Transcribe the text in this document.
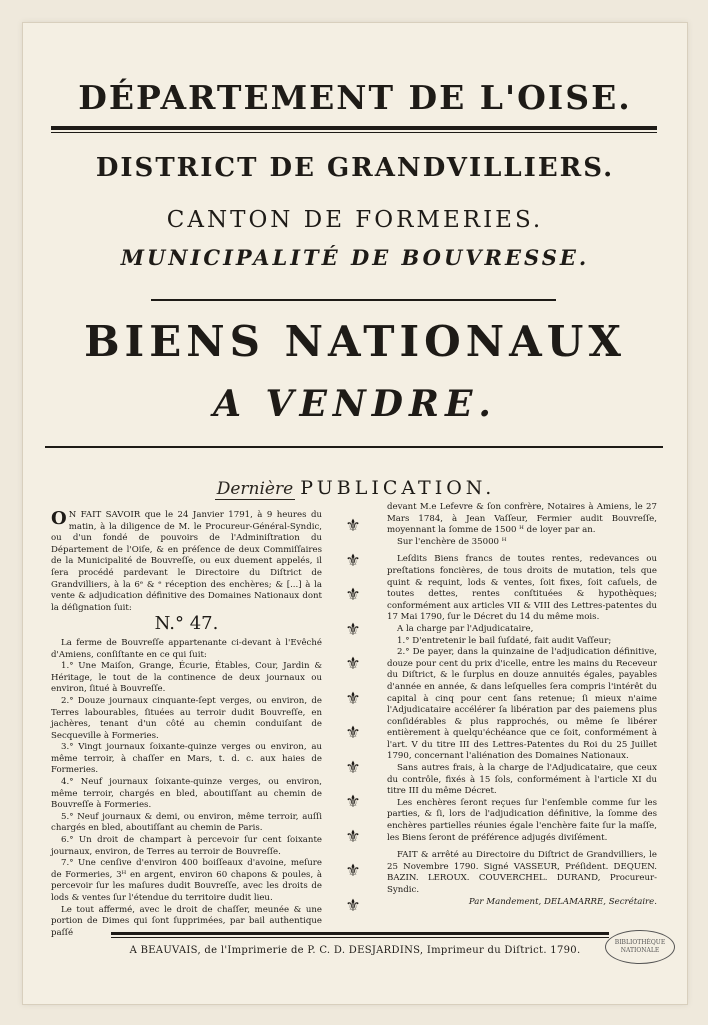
DÉPARTEMENT DE L'OISE.
DISTRICT DE GRANDVILLIERS.
CANTON DE FORMERIES.
MUNICIPALITÉ DE BOUVRESSE.
BIENS NATIONAUX
A VENDRE.
Dernière PUBLICATION.

O N FAIT SAVOIR que le 24 Janvier 1791, à 9 heures du matin, à la diligence de M. le Procureur-Général-Syndic, ou d'un fondé de pouvoirs de l'Adminiſtration du Département de l'Oiſe, & en préſence de deux Commiſſaires de la Municipalité de Bouvreſſe, ou eux duement appelés, il ſera procédé pardevant le Directoire du Diſtrict de Grandvilliers, à la 6ᵉ & ᵉ réception des enchères; & [...] à la vente & adjudication définitive des Domaines Nationaux dont la déſignation ſuit:

N.° 47.

La ferme de Bouvreſſe appartenante ci-devant à l'Evêché d'Amiens, conſiſtante en ce qui ſuit:

1.° Une Maiſon, Grange, Écurie, Étables, Cour, Jardin & Héritage, le tout de la continence de deux journaux ou environ, ſitué à Bouvreſſe.

2.° Douze journaux cinquante-ſept verges, ou environ, de Terres labourables, ſituées au terroir dudit Bouvreſſe, en jachères, tenant d'un côté au chemin conduiſant de Secqueville à Formeries.

3.° Vingt journaux ſoixante-quinze verges ou environ, au même terroir, à chaſſer en Mars, t. d. c. aux haies de Formeries.

4.° Neuf journaux ſoixante-quinze verges, ou environ, même terroir, chargés en bled, aboutiſſant au chemin de Bouvreſſe à Formeries.

5.° Neuf journaux & demi, ou environ, même terroir, auſſi chargés en bled, aboutiſſant au chemin de Paris.

6.° Un droit de champart à percevoir ſur cent ſoixante journaux, environ, de Terres au terroir de Bouvreſſe.

7.° Une cenſive d'environ 400 boiſſeaux d'avoine, meſure de Formeries, 3ᴴ en argent, environ 60 chapons & poules, à percevoir ſur les maſures dudit Bouvreſſe, avec les droits de lods & ventes ſur l'étendue du territoire dudit lieu.

Le tout affermé, avec le droit de chaſſer, meunée & une portion de Dimes qui ſont ſupprimées, par bail authentique paſſé

⚜
⚜
⚜
⚜
⚜
⚜
⚜
⚜
⚜
⚜
⚜
⚜

devant M.e Lefevre & ſon confrère, Notaires à Amiens, le 27 Mars 1784, à Jean Vaſſeur, Fermier audit Bouvreſſe, moyennant la ſomme de 1500 ᴴ de loyer par an.

Sur l'enchère de 35000 ᴴ

Leſdits Biens francs de toutes rentes, redevances ou preſtations foncières, de tous droits de mutation, tels que quint & requint, lods & ventes, ſoit fixes, ſoit caſuels, de toutes dettes, rentes conſtituées & hypothèques; conformément aux articles VII & VIII des Lettres-patentes du 17 Mai 1790, ſur le Décret du 14 du même mois.

A la charge par l'Adjudicataire,

1.° D'entretenir le bail ſuſdaté, fait audit Vaſſeur;

2.° De payer, dans la quinzaine de l'adjudication définitive, douze pour cent du prix d'icelle, entre les mains du Receveur du Diſtrict, & le ſurplus en douze annuités égales, payables d'année en année, & dans leſquelles ſera compris l'intérêt du capital à cinq pour cent ſans retenue; ſi mieux n'aime l'Adjudicataire accélérer ſa libération par des paiemens plus conſidérables & plus rapprochés, ou même ſe libérer entièrement à quelqu'échéance que ce ſoit, conformément à l'art. V du titre III des Lettres-Patentes du Roi du 25 Juillet 1790, concernant l'aliénation des Domaines Nationaux.

Sans autres frais, à la charge de l'Adjudicataire, que ceux du contrôle, fixés à 15 ſols, conformément à l'article XI du titre III du même Décret.

Les enchères ſeront reçues ſur l'enſemble comme ſur les parties, & ſi, lors de l'adjudication définitive, la ſomme des enchères partielles réunies égale l'enchère faite ſur la maſſe, les Biens ſeront de préférence adjugés diviſément.

FAIT & arrêté au Directoire du Diſtrict de Grandvilliers, le 25 Novembre 1790. Signé VASSEUR, Préſident. DEQUEN. BAZIN. LEROUX. COUVERCHEL. DURAND, Procureur-Syndic.

Par Mandement, DELAMARRE, Secrétaire.

A BEAUVAIS, de l'Imprimerie de P. C. D. DESJARDINS, Imprimeur du Diſtrict. 1790.
BIBLIOTHÈQUE NATIONALE
